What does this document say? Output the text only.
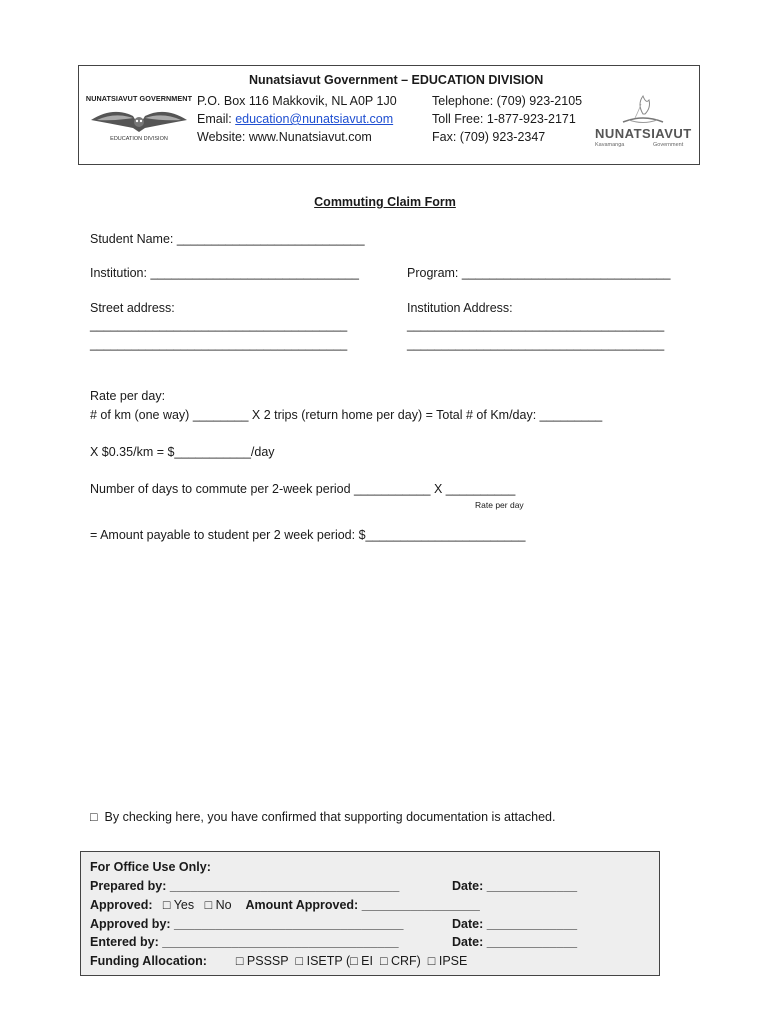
Nunatsiavut Government – EDUCATION DIVISION
NUNATSIAVUT GOVERNMENT
EDUCATION DIVISION
P.O. Box 116 Makkovik, NL A0P 1J0
Email: education@nunatsiavut.com
Website: www.Nunatsiavut.com
Telephone: (709) 923-2105
Toll Free: 1-877-923-2171
Fax: (709) 923-2347	NUNATSIAVUT
Kavamanga	Government
Commuting Claim Form
Student Name: ___________________________
Institution: ______________________________	Program: ______________________________
Street address:
_____________________________________
_____________________________________
Institution Address:
_____________________________________
_____________________________________
Rate per day:
# of km (one way) ________ X 2 trips (return home per day) = Total # of Km/day: _________
X $0.35/km = $___________/day
Number of days to commute per 2-week period ___________ X __________
Rate per day
= Amount payable to student per 2 week period: $_______________________
□ By checking here, you have confirmed that supporting documentation is attached.
For Office Use Only:
Prepared by: _________________________________	Date: _____________
Approved: □ Yes □ No Amount Approved: _________________
Approved by: _________________________________	Date: _____________
Entered by: __________________________________	Date: _____________
Funding Allocation: □ PSSSP □ ISETP (□ EI □ CRF) □ IPSE
